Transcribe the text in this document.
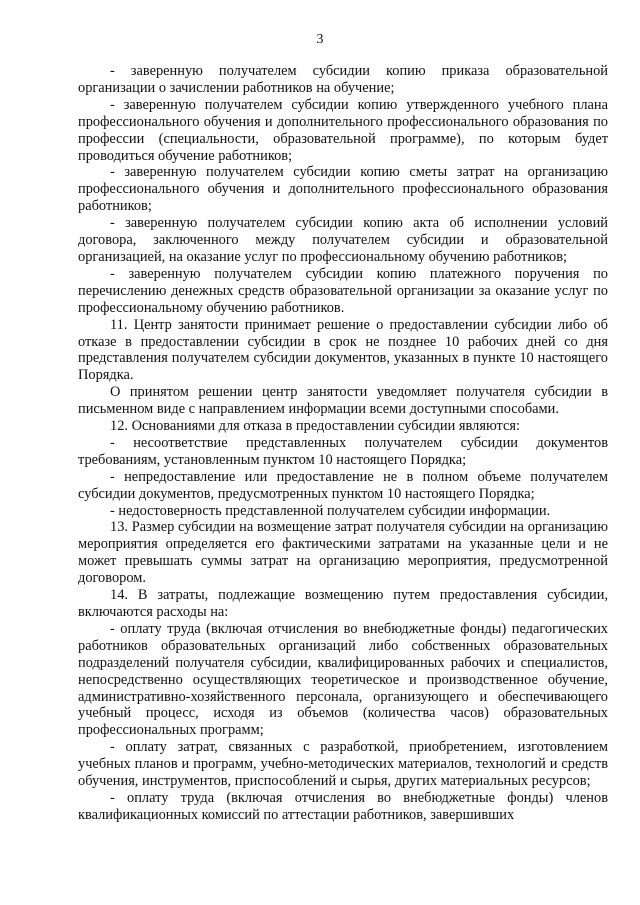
3

- заверенную получателем субсидии копию приказа образовательной организации о зачислении работников на обучение;

- заверенную получателем субсидии копию утвержденного учебного плана профессионального обучения и дополнительного профессионального образования по профессии (специальности, образовательной программе), по которым будет проводиться обучение работников;

- заверенную получателем субсидии копию сметы затрат на организацию профессионального обучения и дополнительного профессионального образования работников;

- заверенную получателем субсидии копию акта об исполнении условий договора, заключенного между получателем субсидии и образовательной организацией, на оказание услуг по профессиональному обучению работников;

- заверенную получателем субсидии копию платежного поручения по перечислению денежных средств образовательной организации за оказание услуг по профессиональному обучению работников.

11. Центр занятости принимает решение о предоставлении субсидии либо об отказе в предоставлении субсидии в срок не позднее 10 рабочих дней со дня представления получателем субсидии документов, указанных в пункте 10 настоящего Порядка.

О принятом решении центр занятости уведомляет получателя субсидии в письменном виде с направлением информации всеми доступными способами.

12. Основаниями для отказа в предоставлении субсидии являются:

- несоответствие представленных получателем субсидии документов требованиям, установленным пунктом 10 настоящего Порядка;

- непредоставление или предоставление не в полном объеме получателем субсидии документов, предусмотренных пунктом 10 настоящего Порядка;

- недостоверность представленной получателем субсидии информации.

13. Размер субсидии на возмещение затрат получателя субсидии на организацию мероприятия определяется его фактическими затратами на указанные цели и не может превышать суммы затрат на организацию мероприятия, предусмотренной договором.

14. В затраты, подлежащие возмещению путем предоставления субсидии, включаются расходы на:

- оплату труда (включая отчисления во внебюджетные фонды) педагогических работников образовательных организаций либо собственных образовательных подразделений получателя субсидии, квалифицированных рабочих и специалистов, непосредственно осуществляющих теоретическое и производственное обучение, административно-хозяйственного персонала, организующего и обеспечивающего учебный процесс, исходя из объемов (количества часов) образовательных профессиональных программ;

- оплату затрат, связанных с разработкой, приобретением, изготовлением учебных планов и программ, учебно-методических материалов, технологий и средств обучения, инструментов, приспособлений и сырья, других материальных ресурсов;

- оплату труда (включая отчисления во внебюджетные фонды) членов квалификационных комиссий по аттестации работников, завершивших
